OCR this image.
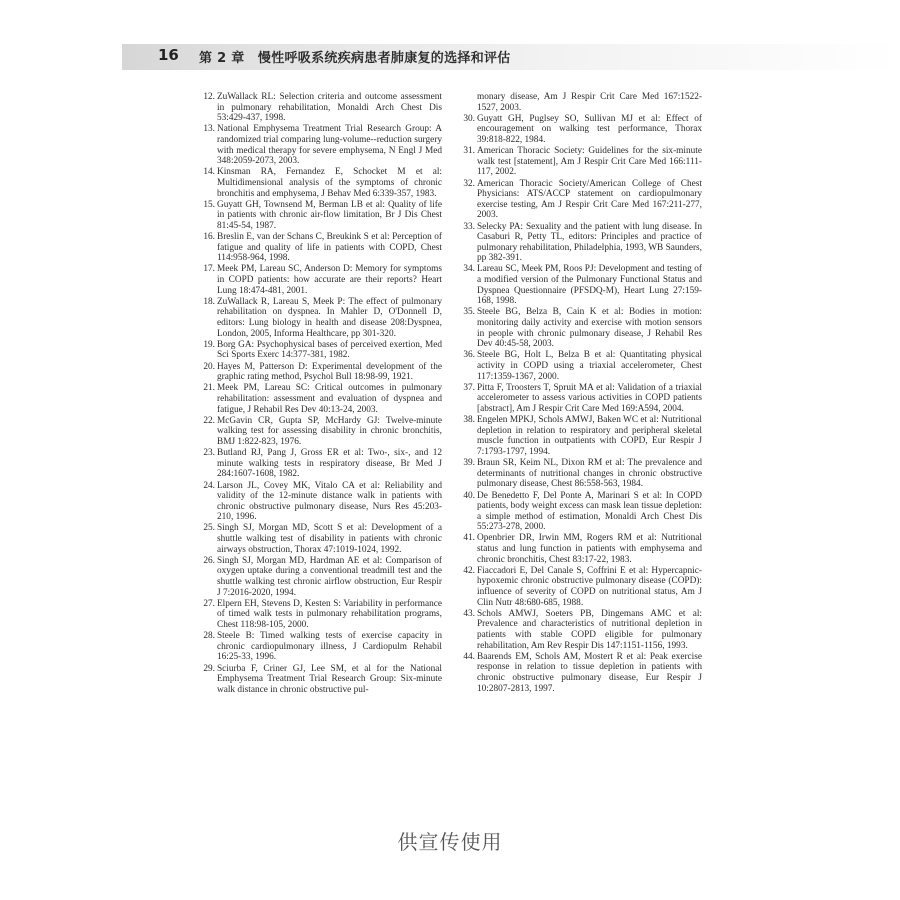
16 第 2 章　慢性呼吸系统疾病患者肺康复的选择和评估
12. ZuWallack RL: Selection criteria and outcome assessment in pulmonary rehabilitation, Monaldi Arch Chest Dis 53:429-437, 1998.
13. National Emphysema Treatment Trial Research Group: A randomized trial comparing lung-volume--reduction surgery with medical therapy for severe emphysema, N Engl J Med 348:2059-2073, 2003.
14. Kinsman RA, Fernandez E, Schocket M et al: Multidimensional analysis of the symptoms of chronic bronchitis and emphysema, J Behav Med 6:339-357, 1983.
15. Guyatt GH, Townsend M, Berman LB et al: Quality of life in patients with chronic air-flow limitation, Br J Dis Chest 81:45-54, 1987.
16. Breslin E, van der Schans C, Breukink S et al: Perception of fatigue and quality of life in patients with COPD, Chest 114:958-964, 1998.
17. Meek PM, Lareau SC, Anderson D: Memory for symptoms in COPD patients: how accurate are their reports? Heart Lung 18:474-481, 2001.
18. ZuWallack R, Lareau S, Meek P: The effect of pulmonary rehabilitation on dyspnea. In Mahler D, O'Donnell D, editors: Lung biology in health and disease 208:Dyspnea, London, 2005, Informa Healthcare, pp 301-320.
19. Borg GA: Psychophysical bases of perceived exertion, Med Sci Sports Exerc 14:377-381, 1982.
20. Hayes M, Patterson D: Experimental development of the graphic rating method, Psychol Bull 18:98-99, 1921.
21. Meek PM, Lareau SC: Critical outcomes in pulmonary rehabilitation: assessment and evaluation of dyspnea and fatigue, J Rehabil Res Dev 40:13-24, 2003.
22. McGavin CR, Gupta SP, McHardy GJ: Twelve-minute walking test for assessing disability in chronic bronchitis, BMJ 1:822-823, 1976.
23. Butland RJ, Pang J, Gross ER et al: Two-, six-, and 12 minute walking tests in respiratory disease, Br Med J 284:1607-1608, 1982.
24. Larson JL, Covey MK, Vitalo CA et al: Reliability and validity of the 12-minute distance walk in patients with chronic obstructive pulmonary disease, Nurs Res 45:203-210, 1996.
25. Singh SJ, Morgan MD, Scott S et al: Development of a shuttle walking test of disability in patients with chronic airways obstruction, Thorax 47:1019-1024, 1992.
26. Singh SJ, Morgan MD, Hardman AE et al: Comparison of oxygen uptake during a conventional treadmill test and the shuttle walking test chronic airflow obstruction, Eur Respir J 7:2016-2020, 1994.
27. Elpern EH, Stevens D, Kesten S: Variability in performance of timed walk tests in pulmonary rehabilitation programs, Chest 118:98-105, 2000.
28. Steele B: Timed walking tests of exercise capacity in chronic cardiopulmonary illness, J Cardiopulm Rehabil 16:25-33, 1996.
29. Sciurba F, Criner GJ, Lee SM, et al for the National Emphysema Treatment Trial Research Group: Six-minute walk distance in chronic obstructive pul-
monary disease, Am J Respir Crit Care Med 167:1522-1527, 2003.
30. Guyatt GH, Puglsey SO, Sullivan MJ et al: Effect of encouragement on walking test performance, Thorax 39:818-822, 1984.
31. American Thoracic Society: Guidelines for the six-minute walk test [statement], Am J Respir Crit Care Med 166:111-117, 2002.
32. American Thoracic Society/American College of Chest Physicians: ATS/ACCP statement on cardiopulmonary exercise testing, Am J Respir Crit Care Med 167:211-277, 2003.
33. Selecky PA: Sexuality and the patient with lung disease. In Casaburi R, Petty TL, editors: Principles and practice of pulmonary rehabilitation, Philadelphia, 1993, WB Saunders, pp 382-391.
34. Lareau SC, Meek PM, Roos PJ: Development and testing of a modified version of the Pulmonary Functional Status and Dyspnea Questionnaire (PFSDQ-M), Heart Lung 27:159-168, 1998.
35. Steele BG, Belza B, Cain K et al: Bodies in motion: monitoring daily activity and exercise with motion sensors in people with chronic pulmonary disease, J Rehabil Res Dev 40:45-58, 2003.
36. Steele BG, Holt L, Belza B et al: Quantitating physical activity in COPD using a triaxial accelerometer, Chest 117:1359-1367, 2000.
37. Pitta F, Troosters T, Spruit MA et al: Validation of a triaxial accelerometer to assess various activities in COPD patients [abstract], Am J Respir Crit Care Med 169:A594, 2004.
38. Engelen MPKJ, Schols AMWJ, Baken WC et al: Nutritional depletion in relation to respiratory and peripheral skeletal muscle function in outpatients with COPD, Eur Respir J 7:1793-1797, 1994.
39. Braun SR, Keim NL, Dixon RM et al: The prevalence and determinants of nutritional changes in chronic obstructive pulmonary disease, Chest 86:558-563, 1984.
40. De Benedetto F, Del Ponte A, Marinari S et al: In COPD patients, body weight excess can mask lean tissue depletion: a simple method of estimation, Monaldi Arch Chest Dis 55:273-278, 2000.
41. Openbrier DR, Irwin MM, Rogers RM et al: Nutritional status and lung function in patients with emphysema and chronic bronchitis, Chest 83:17-22, 1983.
42. Fiaccadori E, Del Canale S, Coffrini E et al: Hypercapnic-hypoxemic chronic obstructive pulmonary disease (COPD): influence of severity of COPD on nutritional status, Am J Clin Nutr 48:680-685, 1988.
43. Schols AMWJ, Soeters PB, Dingemans AMC et al: Prevalence and characteristics of nutritional depletion in patients with stable COPD eligible for pulmonary rehabilitation, Am Rev Respir Dis 147:1151-1156, 1993.
44. Baarends EM, Schols AM, Mostert R et al: Peak exercise response in relation to tissue depletion in patients with chronic obstructive pulmonary disease, Eur Respir J 10:2807-2813, 1997.
供宣传使用
